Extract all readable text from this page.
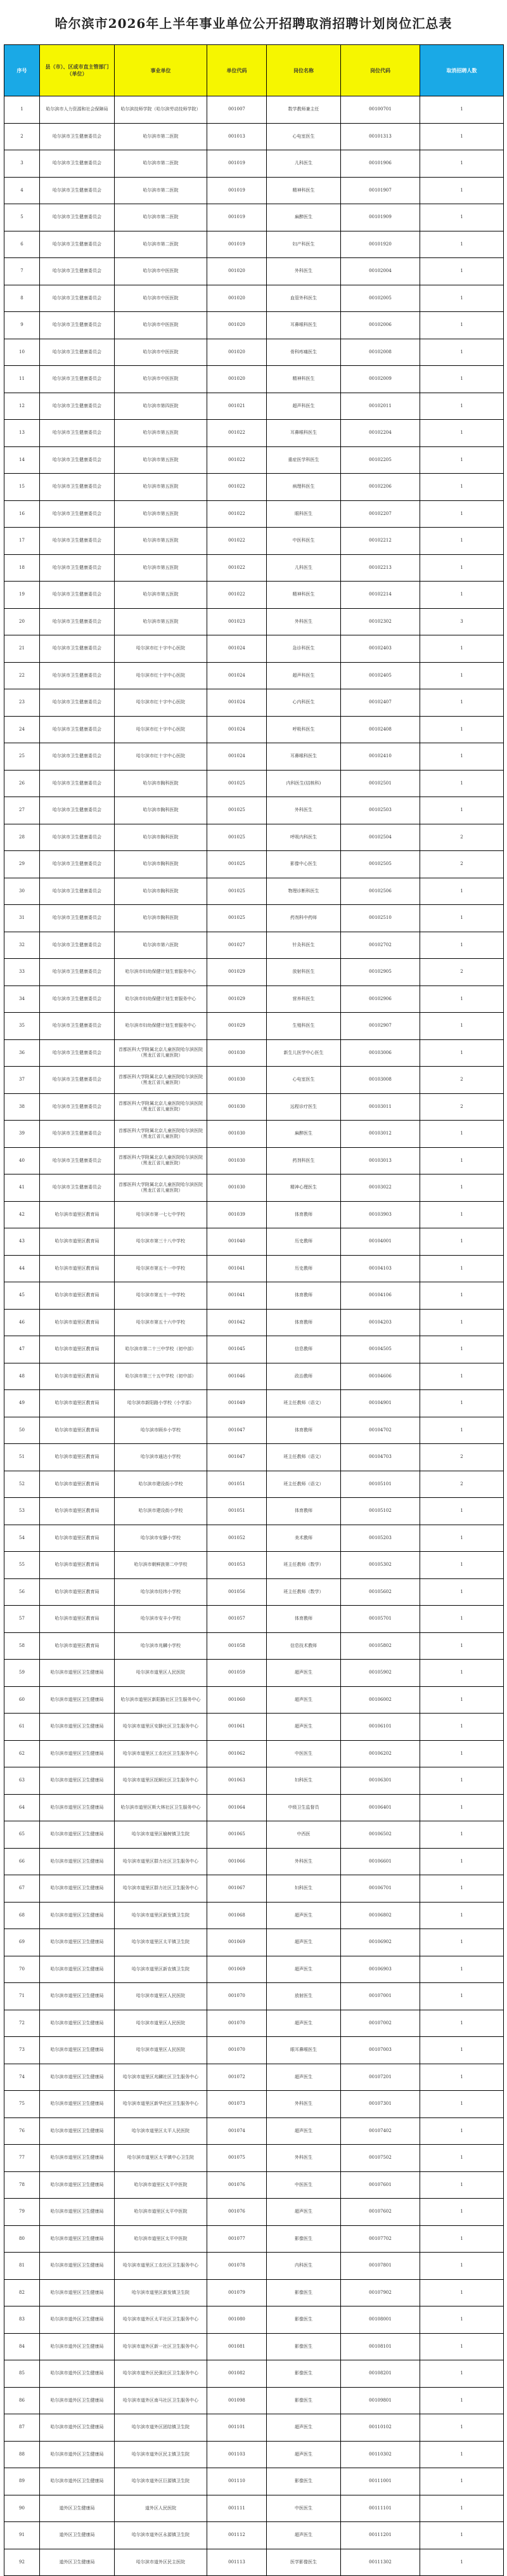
哈尔滨市2026年上半年事业单位公开招聘取消招聘计划岗位汇总表
序号	县（市）、区或市直主管部门（单位）	事业单位	单位代码	岗位名称	岗位代码	取消招聘人数
1	哈尔滨市人力资源和社会保障局	哈尔滨技师学院（哈尔滨劳动技师学院）	001007	数学教师兼主任	00100701	1
2	哈尔滨市卫生健康委员会	哈尔滨市第二医院	001013	心电室医生	00101313	1
3	哈尔滨市卫生健康委员会	哈尔滨市第二医院	001019	儿科医生	00101906	1
4	哈尔滨市卫生健康委员会	哈尔滨市第二医院	001019	精神科医生	00101907	1
5	哈尔滨市卫生健康委员会	哈尔滨市第二医院	001019	麻醉医生	00101909	1
6	哈尔滨市卫生健康委员会	哈尔滨市第二医院	001019	妇产科医生	00101920	1
7	哈尔滨市卫生健康委员会	哈尔滨市中医医院	001020	外科医生	00102004	1
8	哈尔滨市卫生健康委员会	哈尔滨市中医医院	001020	血管外科医生	00102005	1
9	哈尔滨市卫生健康委员会	哈尔滨市中医医院	001020	耳鼻喉科医生	00102006	1
10	哈尔滨市卫生健康委员会	哈尔滨市中医医院	001020	骨科疼痛医生	00102008	1
11	哈尔滨市卫生健康委员会	哈尔滨市中医医院	001020	精神科医生	00102009	1
12	哈尔滨市卫生健康委员会	哈尔滨市第四医院	001021	超声科医生	00102011	1
13	哈尔滨市卫生健康委员会	哈尔滨市第五医院	001022	耳鼻喉科医生	00102204	1
14	哈尔滨市卫生健康委员会	哈尔滨市第五医院	001022	重症医学科医生	00102205	1
15	哈尔滨市卫生健康委员会	哈尔滨市第五医院	001022	病理科医生	00102206	1
16	哈尔滨市卫生健康委员会	哈尔滨市第五医院	001022	眼科医生	00102207	1
17	哈尔滨市卫生健康委员会	哈尔滨市第五医院	001022	中医科医生	00102212	1
18	哈尔滨市卫生健康委员会	哈尔滨市第五医院	001022	儿科医生	00102213	1
19	哈尔滨市卫生健康委员会	哈尔滨市第五医院	001022	精神科医生	00102214	1
20	哈尔滨市卫生健康委员会	哈尔滨市第五医院	001023	外科医生	00102302	3
21	哈尔滨市卫生健康委员会	哈尔滨市红十字中心医院	001024	急诊科医生	00102403	1
22	哈尔滨市卫生健康委员会	哈尔滨市红十字中心医院	001024	超声科医生	00102405	1
23	哈尔滨市卫生健康委员会	哈尔滨市红十字中心医院	001024	心内科医生	00102407	1
24	哈尔滨市卫生健康委员会	哈尔滨市红十字中心医院	001024	呼吸科医生	00102408	1
25	哈尔滨市卫生健康委员会	哈尔滨市红十字中心医院	001024	耳鼻喉科医生	00102410	1
26	哈尔滨市卫生健康委员会	哈尔滨市胸科医院	001025	内科医生(结核科)	00102501	1
27	哈尔滨市卫生健康委员会	哈尔滨市胸科医院	001025	外科医生	00102503	1
28	哈尔滨市卫生健康委员会	哈尔滨市胸科医院	001025	呼吸内科医生	00102504	2
29	哈尔滨市卫生健康委员会	哈尔滨市胸科医院	001025	影像中心医生	00102505	2
30	哈尔滨市卫生健康委员会	哈尔滨市胸科医院	001025	物理诊断科医生	00102506	1
31	哈尔滨市卫生健康委员会	哈尔滨市胸科医院	001025	药剂科中药师	00102510	1
32	哈尔滨市卫生健康委员会	哈尔滨市第六医院	001027	针灸科医生	00102702	1
33	哈尔滨市卫生健康委员会	哈尔滨市妇幼保健计划生育服务中心	001029	放射科医生	00102905	2
34	哈尔滨市卫生健康委员会	哈尔滨市妇幼保健计划生育服务中心	001029	营养科医生	00102906	1
35	哈尔滨市卫生健康委员会	哈尔滨市妇幼保健计划生育服务中心	001029	生殖科医生	00102907	1
36	哈尔滨市卫生健康委员会	首都医科大学附属北京儿童医院哈尔滨医院（黑龙江省儿童医院）	001030	新生儿医学中心医生	00103006	1
37	哈尔滨市卫生健康委员会	首都医科大学附属北京儿童医院哈尔滨医院（黑龙江省儿童医院）	001030	心电室医生	00103008	2
38	哈尔滨市卫生健康委员会	首都医科大学附属北京儿童医院哈尔滨医院（黑龙江省儿童医院）	001030	远程诊疗医生	00103011	2
39	哈尔滨市卫生健康委员会	首都医科大学附属北京儿童医院哈尔滨医院（黑龙江省儿童医院）	001030	麻醉医生	00103012	1
40	哈尔滨市卫生健康委员会	首都医科大学附属北京儿童医院哈尔滨医院（黑龙江省儿童医院）	001030	药剂科医生	00103013	1
41	哈尔滨市卫生健康委员会	首都医科大学附属北京儿童医院哈尔滨医院（黑龙江省儿童医院）	001030	精神心理医生	00103022	1
42	哈尔滨市道里区教育局	哈尔滨市第一七七中学校	001039	体育教师	00103903	1
43	哈尔滨市道里区教育局	哈尔滨市第三十八中学校	001040	历史教师	00104001	1
44	哈尔滨市道里区教育局	哈尔滨市第五十一中学校	001041	历史教师	00104103	1
45	哈尔滨市道里区教育局	哈尔滨市第五十一中学校	001041	体育教师	00104106	1
46	哈尔滨市道里区教育局	哈尔滨市第五十六中学校	001042	体育教师	00104203	1
47	哈尔滨市道里区教育局	哈尔滨市第二十三中学校（初中部）	001045	信息教师	00104505	1
48	哈尔滨市道里区教育局	哈尔滨市第三十五中学校（初中部）	001046	政治教师	00104606	1
49	哈尔滨市道里区教育局	哈尔滨市新阳路小学校（小学部）	001049	班主任教师（语文）	00104901	1
50	哈尔滨市道里区教育局	哈尔滨市顾乡小学校	001047	体育教师	00104702	1
51	哈尔滨市道里区教育局	哈尔滨市通达小学校	001047	班主任教师（语文）	00104703	2
52	哈尔滨市道里区教育局	哈尔滨市建设街小学校	001051	班主任教师（语文）	00105101	2
53	哈尔滨市道里区教育局	哈尔滨市建设街小学校	001051	体育教师	00105102	1
54	哈尔滨市道里区教育局	哈尔滨市安静小学校	001052	美术教师	00105203	1
55	哈尔滨市道里区教育局	哈尔滨市朝鲜族第二中学校	001053	班主任教师（数学）	00105302	1
56	哈尔滨市道里区教育局	哈尔滨市经纬小学校	001056	班主任教师（数学）	00105602	1
57	哈尔滨市道里区教育局	哈尔滨市安丰小学校	001057	体育教师	00105701	1
58	哈尔滨市道里区教育局	哈尔滨市兆麟小学校	001058	信息技术教师	00105802	1
59	哈尔滨市道里区卫生健康局	哈尔滨市道里区人民医院	001059	超声医生	00105902	1
60	哈尔滨市道里区卫生健康局	哈尔滨市道里区新阳路社区卫生服务中心	001060	超声医生	00106002	1
61	哈尔滨市道里区卫生健康局	哈尔滨市道里区安静社区卫生服务中心	001061	超声医生	00106101	1
62	哈尔滨市道里区卫生健康局	哈尔滨市道里区工农社区卫生服务中心	001062	中医医生	00106202	1
63	哈尔滨市道里区卫生健康局	哈尔滨市道里区抚顺社区卫生服务中心	001063	妇科医生	00106301	1
64	哈尔滨市道里区卫生健康局	哈尔滨市道里区斯大林社区卫生服务中心	001064	中级卫生监督员	00106401	1
65	哈尔滨市道里区卫生健康局	哈尔滨市道里区榆树镇卫生院	001065	中西医	00106502	1
66	哈尔滨市道里区卫生健康局	哈尔滨市道里区群力社区卫生服务中心	001066	外科医生	00106601	1
67	哈尔滨市道里区卫生健康局	哈尔滨市道里区群力社区卫生服务中心	001067	妇科医生	00106701	1
68	哈尔滨市道里区卫生健康局	哈尔滨市道里区新发镇卫生院	001068	超声医生	00106802	1
69	哈尔滨市道里区卫生健康局	哈尔滨市道里区太平镇卫生院	001069	超声医生	00106902	1
70	哈尔滨市道里区卫生健康局	哈尔滨市道里区新农镇卫生院	001069	超声医生	00106903	1
71	哈尔滨市道里区卫生健康局	哈尔滨市道里区人民医院	001070	放射医生	00107001	1
72	哈尔滨市道里区卫生健康局	哈尔滨市道里区人民医院	001070	超声医生	00107002	1
73	哈尔滨市道里区卫生健康局	哈尔滨市道里区人民医院	001070	眼耳鼻喉医生	00107003	1
74	哈尔滨市道里区卫生健康局	哈尔滨市道里区兆麟社区卫生服务中心	001072	超声医生	00107201	1
75	哈尔滨市道里区卫生健康局	哈尔滨市道里区新华社区卫生服务中心	001073	外科医生	00107301	1
76	哈尔滨市道里区卫生健康局	哈尔滨市道里区太平人民医院	001074	超声医生	00107402	1
77	哈尔滨市道里区卫生健康局	哈尔滨市道里区太平镇中心卫生院	001075	外科医生	00107502	1
78	哈尔滨市道里区卫生健康局	哈尔滨市道里区太平中医院	001076	中医医生	00107601	1
79	哈尔滨市道里区卫生健康局	哈尔滨市道里区太平中医院	001076	超声医生	00107602	1
80	哈尔滨市道里区卫生健康局	哈尔滨市道里区太平中医院	001077	影像医生	00107702	1
81	哈尔滨市道里区卫生健康局	哈尔滨市道里区工农社区卫生服务中心	001078	内科医生	00107801	1
82	哈尔滨市道里区卫生健康局	哈尔滨市道里区新发镇卫生院	001079	影像医生	00107902	1
83	哈尔滨市道外区卫生健康局	哈尔滨市道外区太平社区卫生服务中心	001080	影像医生	00108001	1
84	哈尔滨市道外区卫生健康局	哈尔滨市道外区新一社区卫生服务中心	001081	影像医生	00108101	1
85	哈尔滨市道外区卫生健康局	哈尔滨市道外区民强社区卫生服务中心	001082	影像医生	00108201	1
86	哈尔滨市道外区卫生健康局	哈尔滨市道外区南马社区卫生服务中心	001098	影像医生	00109801	1
87	哈尔滨市道外区卫生健康局	哈尔滨市道外区团结镇卫生院	001101	超声医生	00110102	1
88	哈尔滨市道外区卫生健康局	哈尔滨市道外区民主镇卫生院	001103	超声医生	00110302	1
89	哈尔滨市道外区卫生健康局	哈尔滨市道外区巨源镇卫生院	001110	影像医生	00111001	1
90	道外区卫生健康局	道外区人民医院	001111	中医医生	00111101	1
91	道外区卫生健康局	哈尔滨市道外区永源镇卫生院	001112	超声医生	00111201	1
92	道外区卫生健康局	哈尔滨市道外区民主医院	001113	医学影像医生	00111302	1
